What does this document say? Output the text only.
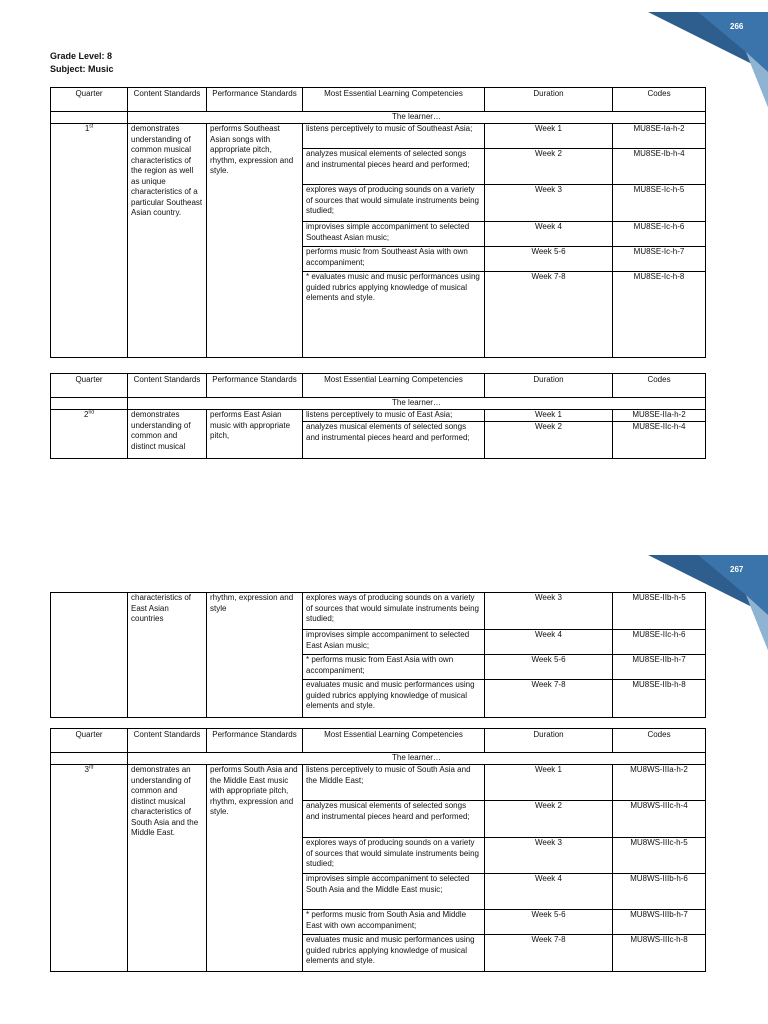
266
Grade Level: 8
Subject: Music
Quarter	Content Standards	Performance Standards	Most Essential Learning Competencies	Duration	Codes
	The learner…				
1st	demonstrates understanding of common musical characteristics of the region as well as unique characteristics of a particular Southeast Asian country.	performs Southeast Asian songs with appropriate pitch, rhythm, expression and style.	listens perceptively to music of Southeast Asia;	Week 1	MU8SE-Ia-h-2
			analyzes musical elements of selected songs and instrumental pieces heard and performed;	Week 2	MU8SE-Ib-h-4
			explores ways of producing sounds on a variety of sources that would simulate instruments being studied;	Week 3	MU8SE-Ic-h-5
			improvises simple accompaniment to selected Southeast Asian music;	Week 4	MU8SE-Ic-h-6
			performs music from Southeast Asia with own accompaniment;	Week 5-6	MU8SE-Ic-h-7
			* evaluates music and music performances using guided rubrics applying knowledge of musical elements and style.	Week 7-8	MU8SE-Ic-h-8
Quarter	Content Standards	Performance Standards	Most Essential Learning Competencies	Duration	Codes
	The learner…				
2nd	demonstrates understanding of common and distinct musical	performs East Asian music with appropriate pitch,	listens perceptively to music of East Asia;	Week 1	MU8SE-IIa-h-2
			analyzes musical elements of selected songs and instrumental pieces heard and performed;	Week 2	MU8SE-IIc-h-4
267
	characteristics of East Asian countries	rhythm, expression and style	explores ways of producing sounds on a variety of sources that would simulate instruments being studied;	Week 3	MU8SE-IIb-h-5
			improvises simple accompaniment to selected East Asian music;	Week 4	MU8SE-IIc-h-6
			* performs music from East Asia with own accompaniment;	Week 5-6	MU8SE-IIb-h-7
			evaluates music and music performances using guided rubrics applying knowledge of musical elements and style.	Week 7-8	MU8SE-IIb-h-8
Quarter	Content Standards	Performance Standards	Most Essential Learning Competencies	Duration	Codes
	The learner…				
3rd	demonstrates an understanding of common and distinct musical characteristics of South Asia and the Middle East.	performs South Asia and the Middle East music with appropriate pitch, rhythm, expression and style.	listens perceptively to music of South Asia and the Middle East;	Week 1	MU8WS-IIIa-h-2
			analyzes musical elements of selected songs and instrumental pieces heard and performed;	Week 2	MU8WS-IIIc-h-4
			explores ways of producing sounds on a variety of sources that would simulate instruments being studied;	Week 3	MU8WS-IIIc-h-5
			improvises simple accompaniment to selected South Asia and the Middle East music;	Week 4	MU8WS-IIIb-h-6
			* performs music from South Asia and Middle East with own accompaniment;	Week 5-6	MU8WS-IIIb-h-7
			evaluates music and music performances using guided rubrics applying knowledge of musical elements and style.	Week 7-8	MU8WS-IIIc-h-8
